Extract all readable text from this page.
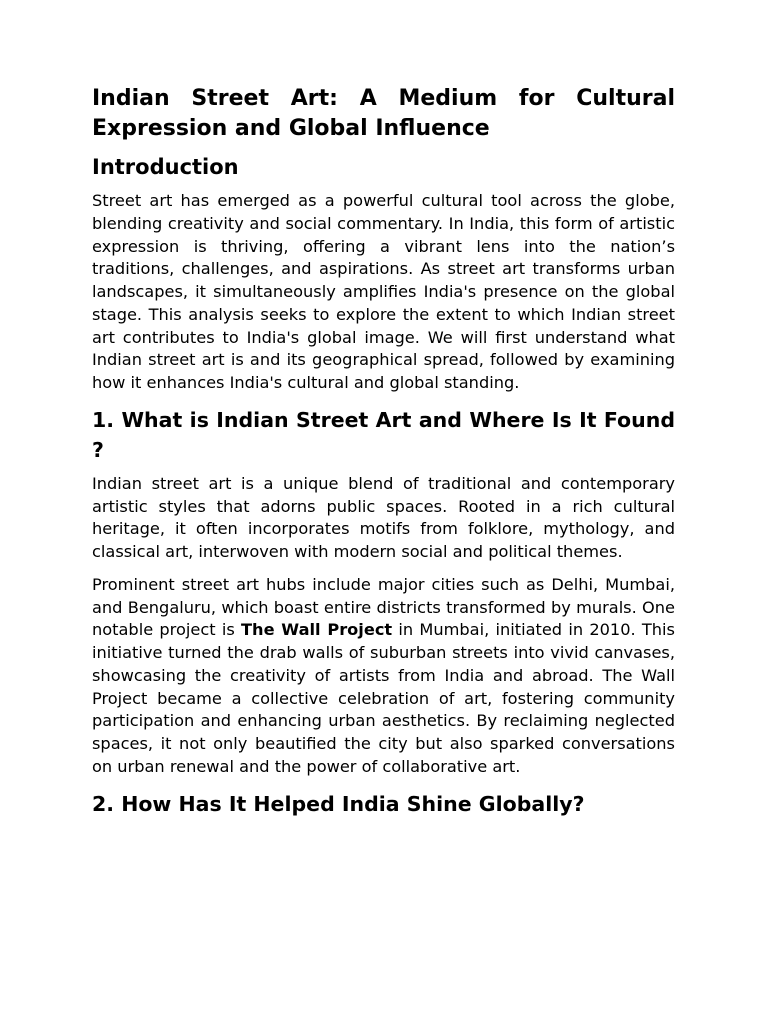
Indian Street Art: A Medium for Cultural Expression and Global Influence
Introduction

Street art has emerged as a powerful cultural tool across the globe, blending creativity and social commentary. In India, this form of artistic expression is thriving, offering a vibrant lens into the nation’s traditions, challenges, and aspirations. As street art transforms urban landscapes, it simultaneously amplifies India's presence on the global stage. This analysis seeks to explore the extent to which Indian street art contributes to India's global image. We will first understand what Indian street art is and its geographical spread, followed by examining how it enhances India's cultural and global standing.

1. What is Indian Street Art and Where Is It Found ?

Indian street art is a unique blend of traditional and contemporary artistic styles that adorns public spaces. Rooted in a rich cultural heritage, it often incorporates motifs from folklore, mythology, and classical art, interwoven with modern social and political themes.

Prominent street art hubs include major cities such as Delhi, Mumbai, and Bengaluru, which boast entire districts transformed by murals. One notable project is The Wall Project in Mumbai, initiated in 2010. This initiative turned the drab walls of suburban streets into vivid canvases, showcasing the creativity of artists from India and abroad. The Wall Project became a collective celebration of art, fostering community participation and enhancing urban aesthetics. By reclaiming neglected spaces, it not only beautified the city but also sparked conversations on urban renewal and the power of collaborative art.

2. How Has It Helped India Shine Globally?
